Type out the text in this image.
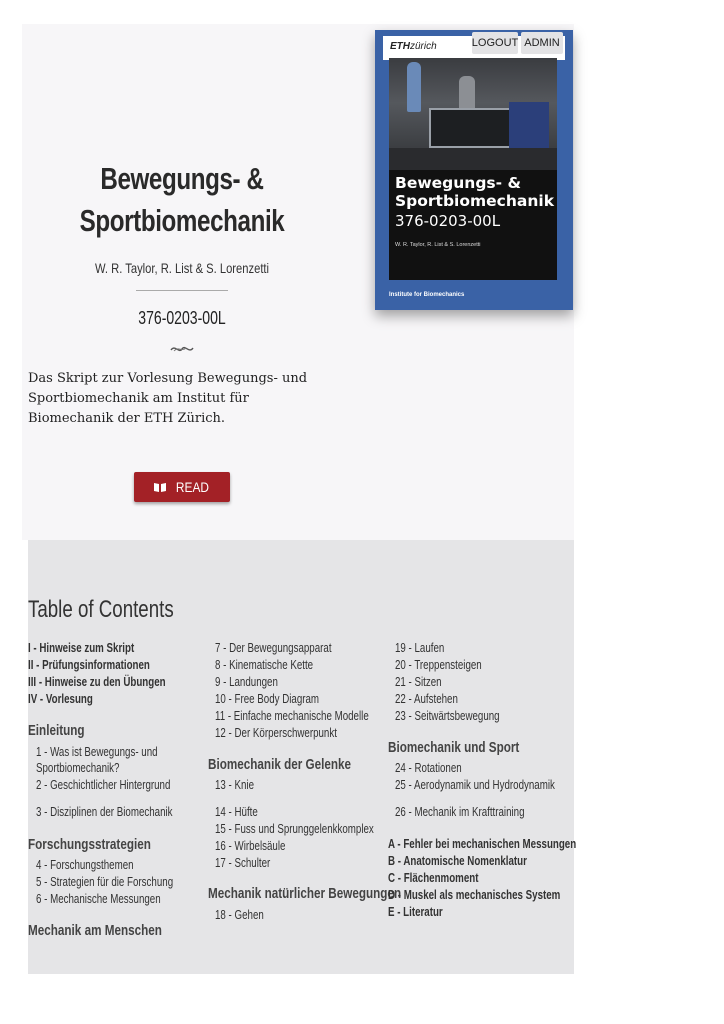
ETHzürich
Bewegungs- & Sportbiomechanik
376-0203-00L
W. R. Taylor, R. List & S. Lorenzetti
Institute for Biomechanics
LOGOUT ADMIN
Bewegungs- &
Sportbiomechanik
W. R. Taylor, R. List & S. Lorenzetti
376-0203-00L
Das Skript zur Vorlesung Bewegungs- und Sportbiomechanik am Institut für Biomechanik der ETH Zürich.
READ
Table of Contents
I - Hinweise zum Skript
II - Prüfungsinformationen
III - Hinweise zu den Übungen
IV - Vorlesung
Einleitung
1 - Was ist Bewegungs- und
Sportbiomechanik?
2 - Geschichtlicher Hintergrund
3 - Disziplinen der Biomechanik
Forschungsstrategien
4 - Forschungsthemen
5 - Strategien für die Forschung
6 - Mechanische Messungen
Mechanik am Menschen
7 - Der Bewegungsapparat
8 - Kinematische Kette
9 - Landungen
10 - Free Body Diagram
11 - Einfache mechanische Modelle
12 - Der Körperschwerpunkt
Biomechanik der Gelenke
13 - Knie
14 - Hüfte
15 - Fuss und Sprunggelenkkomplex
16 - Wirbelsäule
17 - Schulter
Mechanik natürlicher Bewegungen
18 - Gehen
19 - Laufen
20 - Treppensteigen
21 - Sitzen
22 - Aufstehen
23 - Seitwärtsbewegung
Biomechanik und Sport
24 - Rotationen
25 - Aerodynamik und Hydrodynamik
26 - Mechanik im Krafttraining
A - Fehler bei mechanischen Messungen
B - Anatomische Nomenklatur
C - Flächenmoment
D - Muskel als mechanisches System
E - Literatur
